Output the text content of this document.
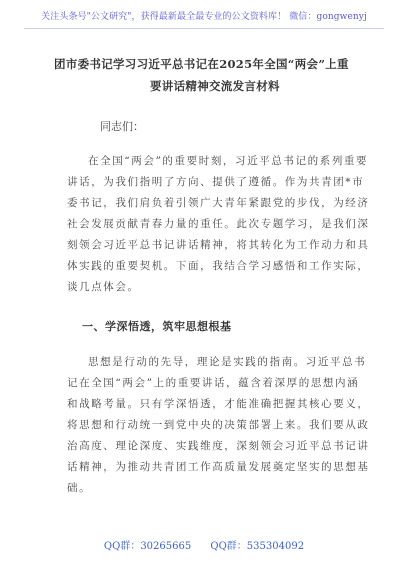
关注头条号"公文研究"，获得最新最全最专业的公文资料库！ 微信：gongwenyj
团市委书记学习习近平总书记在2025年全国“两会”上重
要讲话精神交流发言材料
同志们：
在全国“两会”的重要时刻，习近平总书记的系列重要
讲话，为我们指明了方向、提供了遵循。作为共青团*市
委书记，我们肩负着引领广大青年紧跟党的步伐，为经济
社会发展贡献青春力量的重任。此次专题学习，是我们深
刻领会习近平总书记讲话精神，将其转化为工作动力和具
体实践的重要契机。下面，我结合学习感悟和工作实际，
谈几点体会。
一、学深悟透，筑牢思想根基
思想是行动的先导，理论是实践的指南。习近平总书
记在全国“两会”上的重要讲话，蕴含着深厚的思想内涵
和战略考量。只有学深悟透，才能准确把握其核心要义，
将思想和行动统一到党中央的决策部署上来。我们要从政
治高度、理论深度、实践维度，深刻领会习近平总书记讲
话精神，为推动共青团工作高质量发展奠定坚实的思想基
础。
QQ群：30265665 QQ群：535304092
